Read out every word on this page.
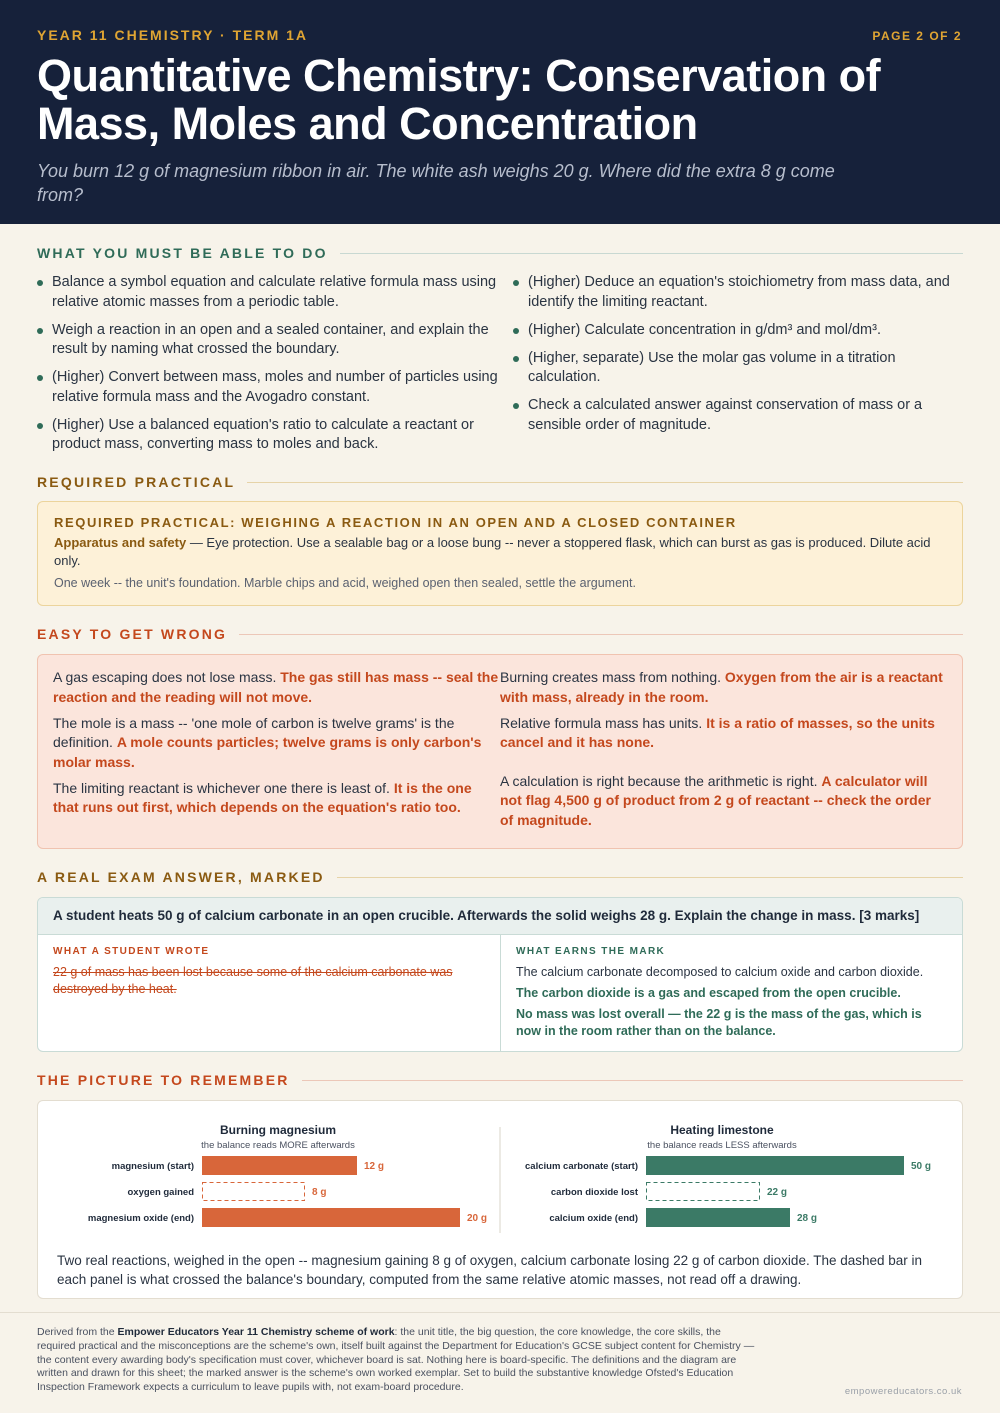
YEAR 11 CHEMISTRY · TERM 1A	PAGE 2 OF 2
Quantitative Chemistry: Conservation of Mass, Moles and Concentration
You burn 12 g of magnesium ribbon in air. The white ash weighs 20 g. Where did the extra 8 g come from?
WHAT YOU MUST BE ABLE TO DO
Balance a symbol equation and calculate relative formula mass using relative atomic masses from a periodic table.
Weigh a reaction in an open and a sealed container, and explain the result by naming what crossed the boundary.
(Higher) Convert between mass, moles and number of particles using relative formula mass and the Avogadro constant.
(Higher) Use a balanced equation's ratio to calculate a reactant or product mass, converting mass to moles and back.
(Higher) Deduce an equation's stoichiometry from mass data, and identify the limiting reactant.
(Higher) Calculate concentration in g/dm³ and mol/dm³.
(Higher, separate) Use the molar gas volume in a titration calculation.
Check a calculated answer against conservation of mass or a sensible order of magnitude.
REQUIRED PRACTICAL
REQUIRED PRACTICAL: WEIGHING A REACTION IN AN OPEN AND A CLOSED CONTAINER
Apparatus and safety — Eye protection. Use a sealable bag or a loose bung -- never a stoppered flask, which can burst as gas is produced. Dilute acid only.
One week -- the unit's foundation. Marble chips and acid, weighed open then sealed, settle the argument.
EASY TO GET WRONG
A gas escaping does not lose mass. The gas still has mass -- seal the reaction and the reading will not move.
The mole is a mass -- 'one mole of carbon is twelve grams' is the definition. A mole counts particles; twelve grams is only carbon's molar mass.
The limiting reactant is whichever one there is least of. It is the one that runs out first, which depends on the equation's ratio too.
Burning creates mass from nothing. Oxygen from the air is a reactant with mass, already in the room.
Relative formula mass has units. It is a ratio of masses, so the units cancel and it has none.
A calculation is right because the arithmetic is right. A calculator will not flag 4,500 g of product from 2 g of reactant -- check the order of magnitude.
A REAL EXAM ANSWER, MARKED
A student heats 50 g of calcium carbonate in an open crucible. Afterwards the solid weighs 28 g. Explain the change in mass. [3 marks]
WHAT A STUDENT WROTE
22 g of mass has been lost because some of the calcium carbonate was destroyed by the heat.
WHAT EARNS THE MARK
The calcium carbonate decomposed to calcium oxide and carbon dioxide.
The carbon dioxide is a gas and escaped from the open crucible.
No mass was lost overall — the 22 g is the mass of the gas, which is now in the room rather than on the balance.
THE PICTURE TO REMEMBER
Burning magnesium
the balance reads MORE afterwards
magnesium (start)	12 g
oxygen gained	8 g
magnesium oxide (end)	20 g
Heating limestone
the balance reads LESS afterwards
calcium carbonate (start)	50 g
carbon dioxide lost	22 g
calcium oxide (end)	28 g
Two real reactions, weighed in the open -- magnesium gaining 8 g of oxygen, calcium carbonate losing 22 g of carbon dioxide. The dashed bar in each panel is what crossed the balance's boundary, computed from the same relative atomic masses, not read off a drawing.
Derived from the Empower Educators Year 11 Chemistry scheme of work: the unit title, the big question, the core knowledge, the core skills, the required practical and the misconceptions are the scheme's own, itself built against the Department for Education's GCSE subject content for Chemistry — the content every awarding body's specification must cover, whichever board is sat. Nothing here is board-specific. The definitions and the diagram are written and drawn for this sheet; the marked answer is the scheme's own worked exemplar. Set to build the substantive knowledge Ofsted's Education Inspection Framework expects a curriculum to leave pupils with, not exam-board procedure.	empowereducators.co.uk
